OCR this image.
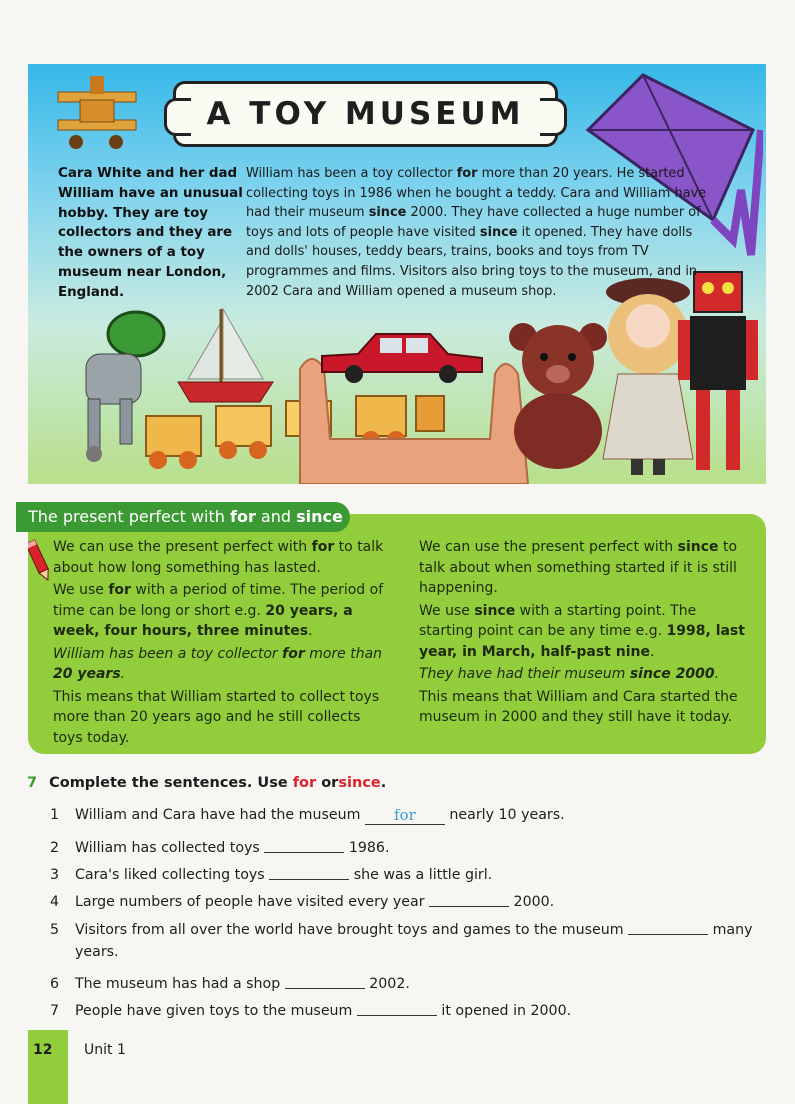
A TOY MUSEUM
Cara White and her dad William have an unusual hobby. They are toy collectors and they are the owners of a toy museum near London, England.
William has been a toy collector for more than 20 years. He started collecting toys in 1986 when he bought a teddy. Cara and William have had their museum since 2000. They have collected a huge number of toys and lots of people have visited since it opened. They have dolls and dolls' houses, teddy bears, trains, books and toys from TV programmes and films. Visitors also bring toys to the museum, and in 2002 Cara and William opened a museum shop.
The present perfect with for and since

We can use the present perfect with for to talk about how long something has lasted.

We use for with a period of time. The period of time can be long or short e.g. 20 years, a week, four hours, three minutes.

William has been a toy collector for more than 20 years.

This means that William started to collect toys more than 20 years ago and he still collects toys today.

We can use the present perfect with since to talk about when something started if it is still happening.

We use since with a starting point. The starting point can be any time e.g. 1998, last year, in March, half-past nine.

They have had their museum since 2000.

This means that William and Cara started the museum in 2000 and they still have it today.

7 Complete the sentences. Use for orsince.
1 William and Cara have had the museum for nearly 10 years.
2 William has collected toys	1986.
3 Cara's liked collecting toys	she was a little girl.
4 Large numbers of people have visited every year	2000.
5 Visitors from all over the world have brought toys and games to the museum	many
years.
6 The museum has had a shop	2002.
7 People have given toys to the museum	it opened in 2000.
12 Unit 1
